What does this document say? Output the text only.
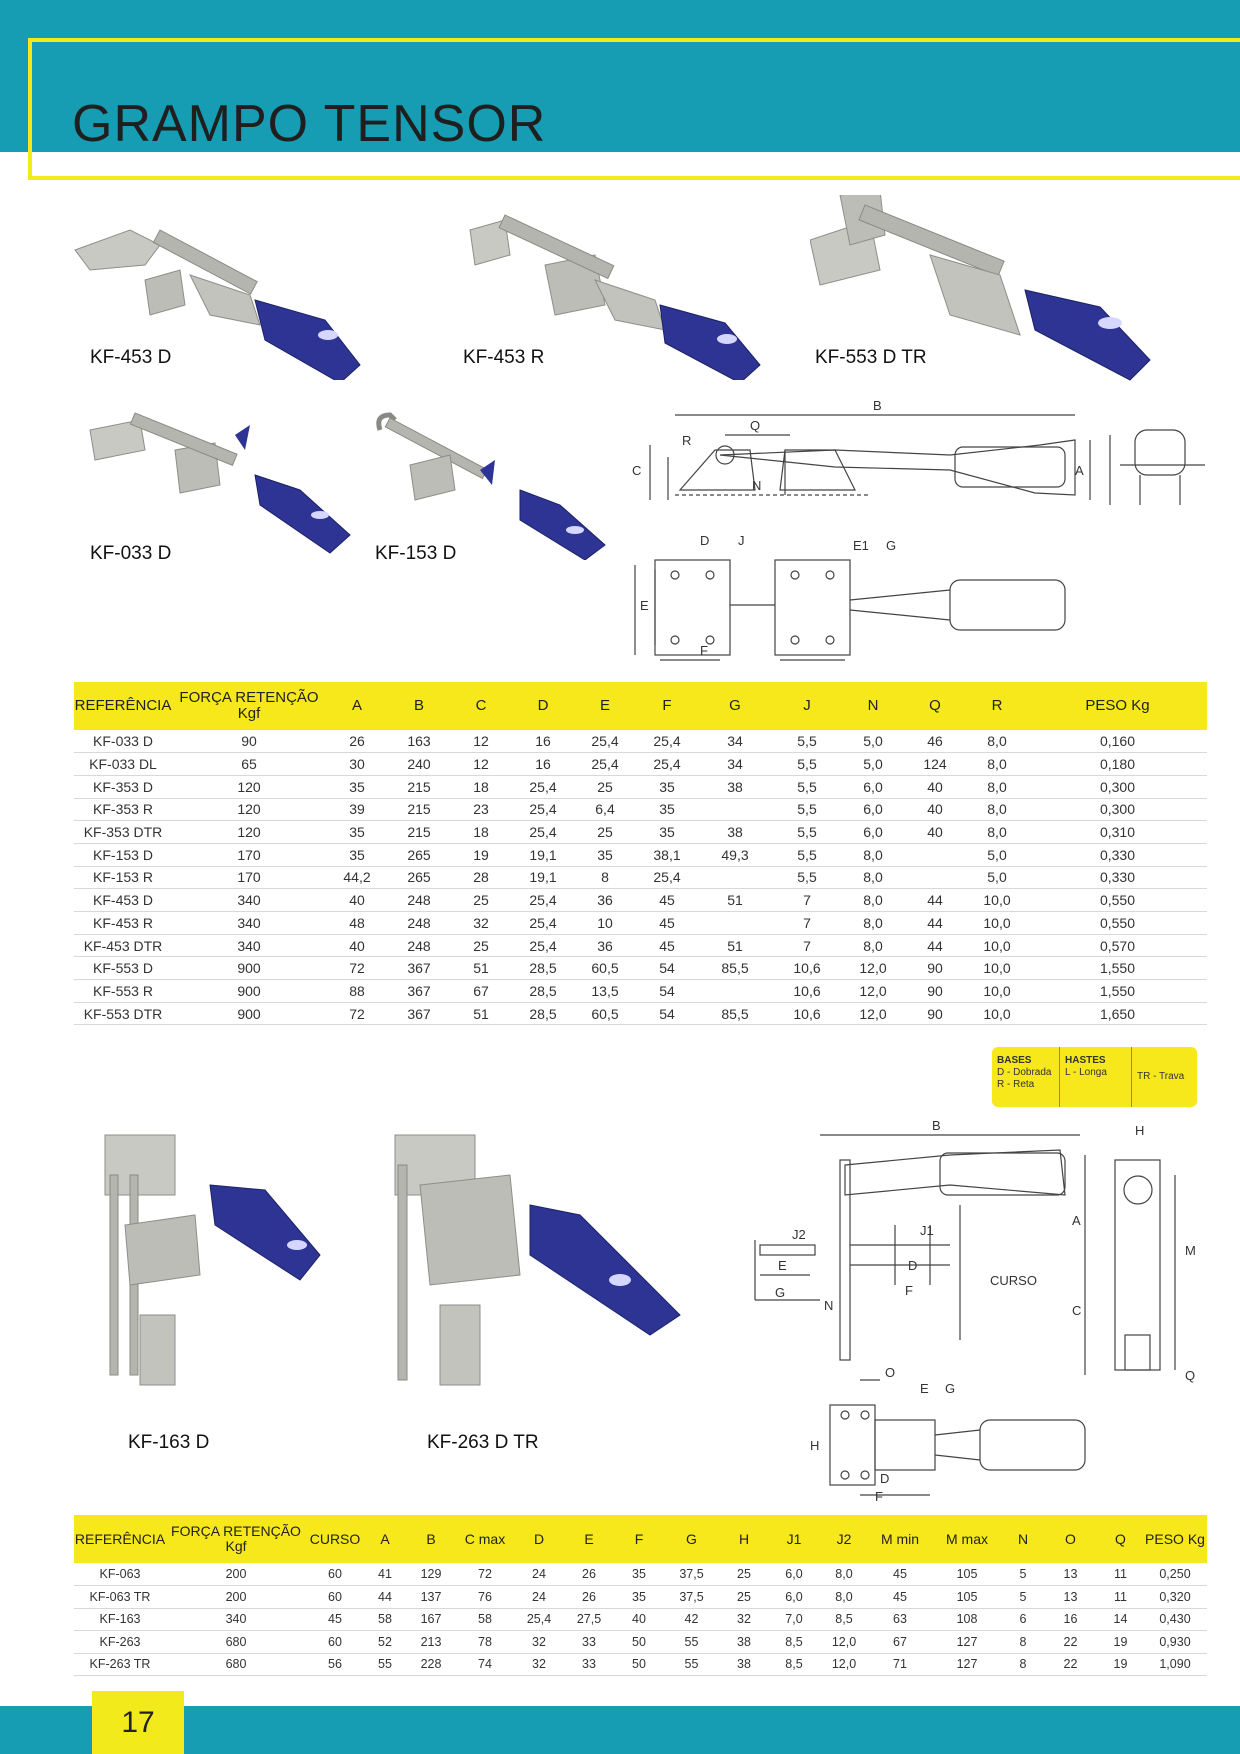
GRAMPO TENSOR
KF-453 D	KF-453 R	KF-553 D TR
KF-033 D	KF-153 D
B
Q
R
C
N
A
D J	E1 G
E
F
REFERÊNCIA	FORÇA RETENÇÃO Kgf	A	B	C	D	E	F	G	J	N	Q	R	PESO Kg
KF-033 D	90	26	163	12	16	25,4	25,4	34	5,5	5,0	46	8,0	0,160
KF-033 DL	65	30	240	12	16	25,4	25,4	34	5,5	5,0	124	8,0	0,180
KF-353 D	120	35	215	18	25,4	25	35	38	5,5	6,0	40	8,0	0,300
KF-353 R	120	39	215	23	25,4	6,4	35		5,5	6,0	40	8,0	0,300
KF-353 DTR	120	35	215	18	25,4	25	35	38	5,5	6,0	40	8,0	0,310
KF-153 D	170	35	265	19	19,1	35	38,1	49,3	5,5	8,0		5,0	0,330
KF-153 R	170	44,2	265	28	19,1	8	25,4		5,5	8,0		5,0	0,330
KF-453 D	340	40	248	25	25,4	36	45	51	7	8,0	44	10,0	0,550
KF-453 R	340	48	248	32	25,4	10	45		7	8,0	44	10,0	0,550
KF-453 DTR	340	40	248	25	25,4	36	45	51	7	8,0	44	10,0	0,570
KF-553 D	900	72	367	51	28,5	60,5	54	85,5	10,6	12,0	90	10,0	1,550
KF-553 R	900	88	367	67	28,5	13,5	54		10,6	12,0	90	10,0	1,550
KF-553 DTR	900	72	367	51	28,5	60,5	54	85,5	10,6	12,0	90	10,0	1,650
BASES
D - Dobrada
R - Reta
HASTES
L - Longa	TR - Trava
KF-163 D	KF-263 D TR
B	H
J2	J1
E	D
F
G
N
CURSO
A
C
M
O	Q
E G
H
D
F
REFERÊNCIA	FORÇA RETENÇÃO Kgf	CURSO	A	B	C max	D	E	F	G	H	J1	J2	M min	M max	N	O	Q	PESO Kg
KF-063	200	60	41	129	72	24	26	35	37,5	25	6,0	8,0	45	105	5	13	11	0,250
KF-063 TR	200	60	44	137	76	24	26	35	37,5	25	6,0	8,0	45	105	5	13	11	0,320
KF-163	340	45	58	167	58	25,4	27,5	40	42	32	7,0	8,5	63	108	6	16	14	0,430
KF-263	680	60	52	213	78	32	33	50	55	38	8,5	12,0	67	127	8	22	19	0,930
KF-263 TR	680	56	55	228	74	32	33	50	55	38	8,5	12,0	71	127	8	22	19	1,090
17
